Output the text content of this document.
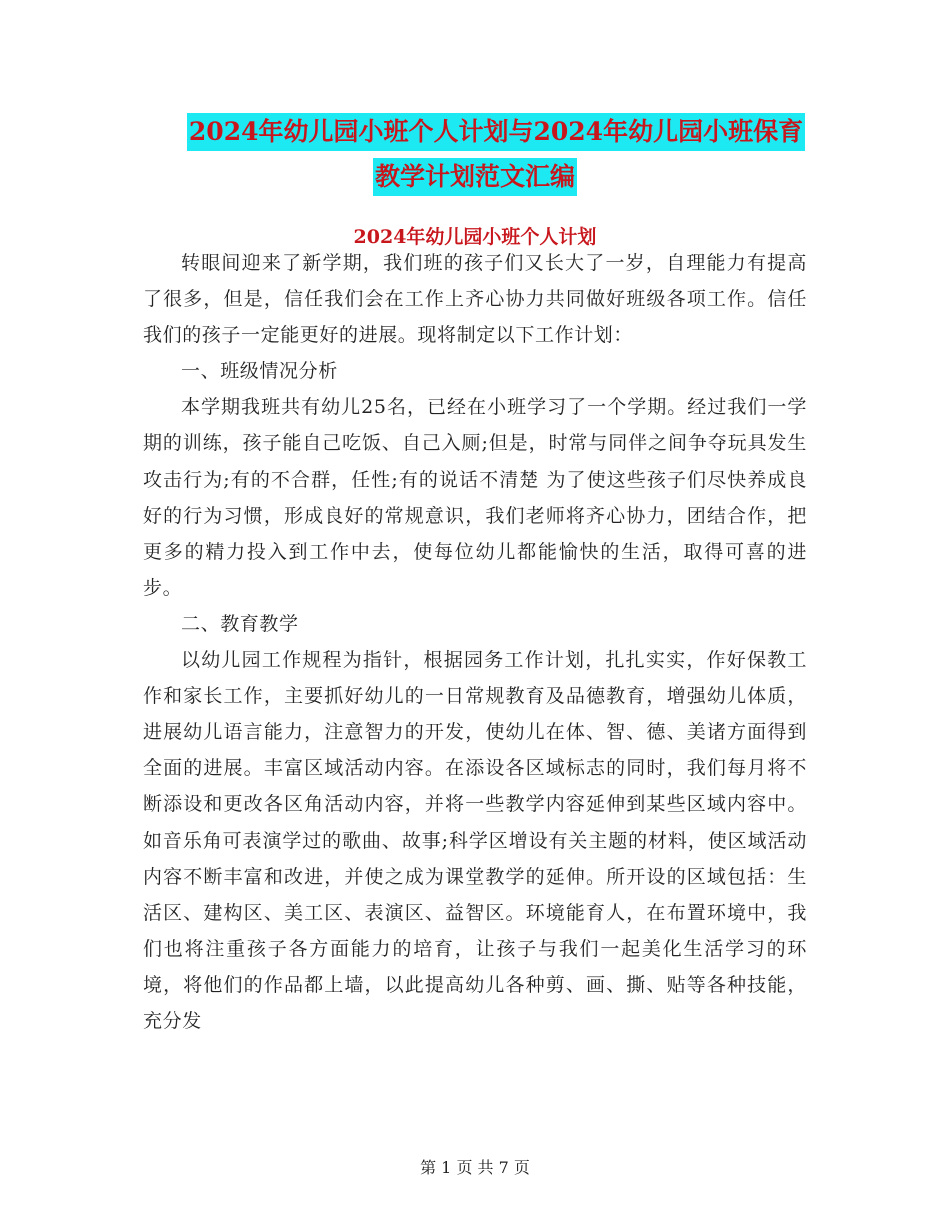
2024年幼儿园小班个人计划与2024年幼儿园小班保育
教学计划范文汇编
2024年幼儿园小班个人计划

转眼间迎来了新学期，我们班的孩子们又长大了一岁，自理能力有提高了很多，但是，信任我们会在工作上齐心协力共同做好班级各项工作。信任我们的孩子一定能更好的进展。现将制定以下工作计划：

一、班级情况分析

本学期我班共有幼儿25名，已经在小班学习了一个学期。经过我们一学期的训练，孩子能自己吃饭、自己入厕;但是，时常与同伴之间争夺玩具发生攻击行为;有的不合群，任性;有的说话不清楚 为了使这些孩子们尽快养成良好的行为习惯，形成良好的常规意识，我们老师将齐心协力，团结合作，把更多的精力投入到工作中去，使每位幼儿都能愉快的生活，取得可喜的进步。

二、教育教学

以幼儿园工作规程为指针，根据园务工作计划，扎扎实实，作好保教工作和家长工作，主要抓好幼儿的一日常规教育及品德教育，增强幼儿体质，进展幼儿语言能力，注意智力的开发，使幼儿在体、智、德、美诸方面得到全面的进展。丰富区域活动内容。在添设各区域标志的同时，我们每月将不断添设和更改各区角活动内容，并将一些教学内容延伸到某些区域内容中。如音乐角可表演学过的歌曲、故事;科学区增设有关主题的材料，使区域活动内容不断丰富和改进，并使之成为课堂教学的延伸。所开设的区域包括：生活区、建构区、美工区、表演区、益智区。环境能育人，在布置环境中，我们也将注重孩子各方面能力的培育，让孩子与我们一起美化生活学习的环境，将他们的作品都上墙，以此提高幼儿各种剪、画、撕、贴等各种技能，充分发

第 1 页 共 7 页
